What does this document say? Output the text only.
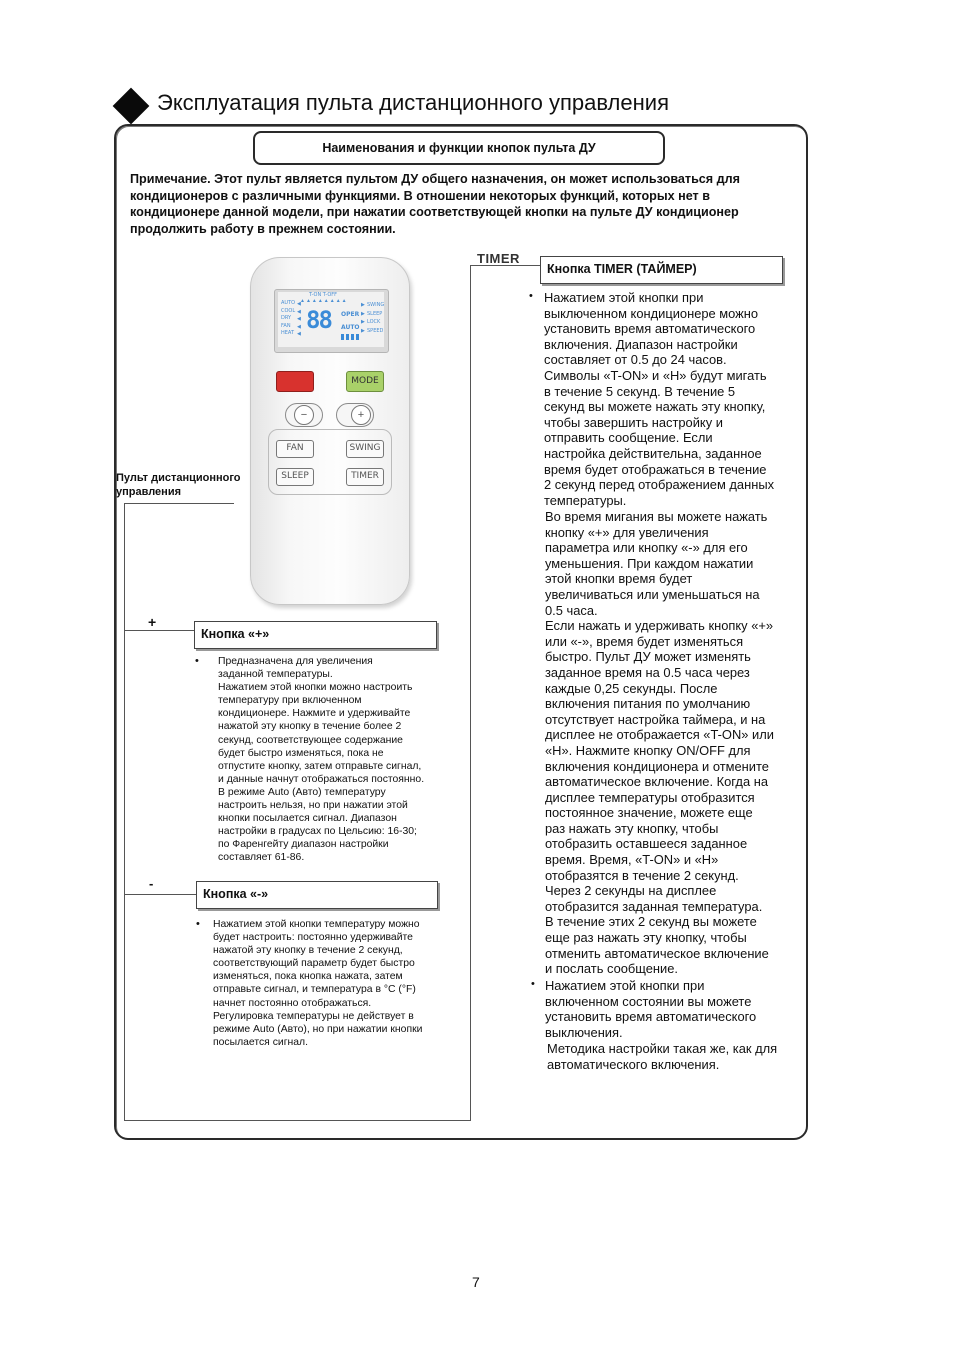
Эксплуатация пульта дистанционного управления
Наименования и функции кнопок пульта ДУ
Примечание. Этот пульт является пультом ДУ общего назначения, он может использоваться для кондиционеров с различными функциями. В отношении некоторых функций, которых нет в кондиционере данной модели, при нажатии соответствующей кнопки на пульте ДУ кондиционер продолжить работу в прежнем состоянии.
T-ON T-OFF
▲▲▲▲▲▲▲▲
AUTO
COOL
DRY
FAN
HEAT
◀
◀
◀
◀
◀
88 OPER
AUTO
▶
▶
▶
▶
SWING
SLEEP
LOCK
SPEED
MODE
−	+
FAN	SWING
SLEEP	TIMER
Пульт дистанционного
управления
TIMER
Кнопка TIMER (ТАЙМЕР)
• Нажатием этой кнопки при
выключенном кондиционере можно
установить время автоматического
включения. Диапазон настройки
составляет от 0.5 до 24 часов.
Символы «T-ON» и «H» будут мигать
в течение 5 секунд. В течение 5
секунд вы можете нажать эту кнопку,
чтобы завершить настройку и
отправить сообщение. Если
настройка действительна, заданное
время будет отображаться в течение
2 секунд перед отображением данных
температуры.
Во время мигания вы можете нажать
кнопку «+» для увеличения
параметра или кнопку «-» для его
уменьшения. При каждом нажатии
этой кнопки время будет
увеличиваться или уменьшаться на
0.5 часа.
Если нажать и удерживать кнопку «+»
или «-», время будет изменяться
быстро. Пульт ДУ может изменять
заданное время на 0.5 часа через
каждые 0,25 секунды. После
включения питания по умолчанию
отсутствует настройка таймера, и на
дисплее не отображается «T-ON» или
«H». Нажмите кнопку ON/OFF для
включения кондиционера и отмените
автоматическое включение. Когда на
дисплее температуры отобразится
постоянное значение, можете еще
раз нажать эту кнопку, чтобы
отобразить оставшееся заданное
время. Время, «T-ON» и «H»
отобразятся в течение 2 секунд.
Через 2 секунды на дисплее
отобразится заданная температура.
В течение этих 2 секунд вы можете
еще раз нажать эту кнопку, чтобы
отменить автоматическое включение
и послать сообщение.
• Нажатием этой кнопки при
включенном состоянии вы можете
установить время автоматического
выключения.
Методика настройки такая же, как для
автоматического включения.
+
Кнопка «+»
• Предназначена для увеличения
заданной температуры.
Нажатием этой кнопки можно настроить
температуру при включенном
кондиционере. Нажмите и удерживайте
нажатой эту кнопку в течение более 2
секунд, соответствующее содержание
будет быстро изменяться, пока не
отпустите кнопку, затем отправьте сигнал,
и данные начнут отображаться постоянно.
В режиме Auto (Авто) температуру
настроить нельзя, но при нажатии этой
кнопки посылается сигнал. Диапазон
настройки в градусах по Цельсию: 16-30;
по Фаренгейту диапазон настройки
составляет 61-86.
-
Кнопка «-»
• Нажатием этой кнопки температуру можно
будет настроить: постоянно удерживайте
нажатой эту кнопку в течение 2 секунд,
соответствующий параметр будет быстро
изменяться, пока кнопка нажата, затем
отправьте сигнал, и температура в °C (°F)
начнет постоянно отображаться.
Регулировка температуры не действует в
режиме Auto (Авто), но при нажатии кнопки
посылается сигнал.
7
